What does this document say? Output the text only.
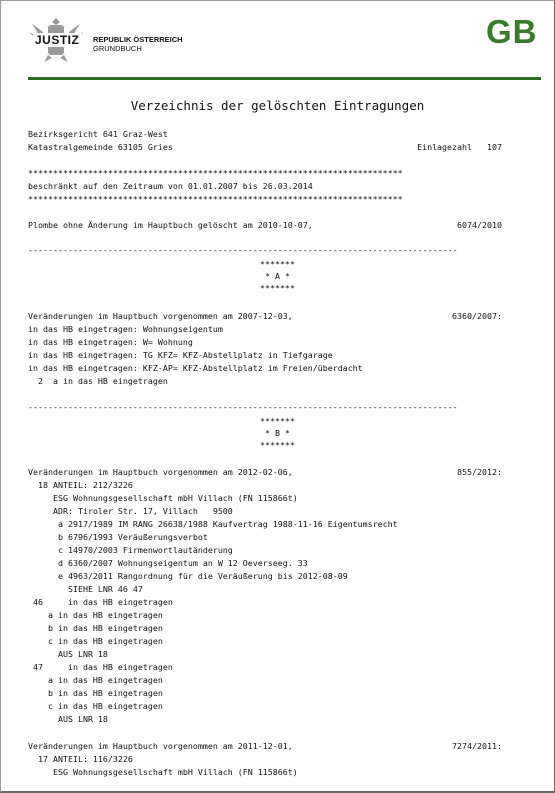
JUSTIZ REPUBLIK ÖSTERREICH
GRUNDBUCH	GB
Verzeichnis der gelöschten Eintragungen
Bezirksgericht 641 Graz-West
Katastralgemeinde 63105 Gries	Einlagezahl   107
***************************************************************************
beschränkt auf den Zeitraum von 01.01.2007 bis 26.03.2014
***************************************************************************
Plombe ohne Änderung im Hauptbuch gelöscht am 2010-10-07,	6074/2010
--------------------------------------------------------------------------------------
*******
* A *
*******
Veränderungen im Hauptbuch vorgenommen am 2007-12-03,	6360/2007:
in das HB eingetragen: Wohnungseigentum
in das HB eingetragen: W= Wohnung
in das HB eingetragen: TG KFZ= KFZ-Abstellplatz in Tiefgarage
in das HB eingetragen: KFZ-AP= KFZ-Abstellplatz im Freien/überdacht
2  a in das HB eingetragen
--------------------------------------------------------------------------------------
*******
* B *
*******
Veränderungen im Hauptbuch vorgenommen am 2012-02-06,	855/2012:
18 ANTEIL: 212/3226
ESG Wohnungsgesellschaft mbH Villach (FN 115866t)
ADR: Tiroler Str. 17, Villach   9500
a 2917/1989 IM RANG 26638/1988 Kaufvertrag 1988-11-16 Eigentumsrecht
b 6796/1993 Veräußerungsverbot
c 14970/2003 Firmenwortlautänderung
d 6360/2007 Wohnungseigentum an W 12 Oeverseeg. 33
e 4963/2011 Rangordnung für die Veräußerung bis 2012-08-09
SIEHE LNR 46 47
46     in das HB eingetragen
a in das HB eingetragen
b in das HB eingetragen
c in das HB eingetragen
AUS LNR 18
47     in das HB eingetragen
a in das HB eingetragen
b in das HB eingetragen
c in das HB eingetragen
AUS LNR 18
Veränderungen im Hauptbuch vorgenommen am 2011-12-01,	7274/2011:
17 ANTEIL: 116/3226
ESG Wohnungsgesellschaft mbH Villach (FN 115866t)
